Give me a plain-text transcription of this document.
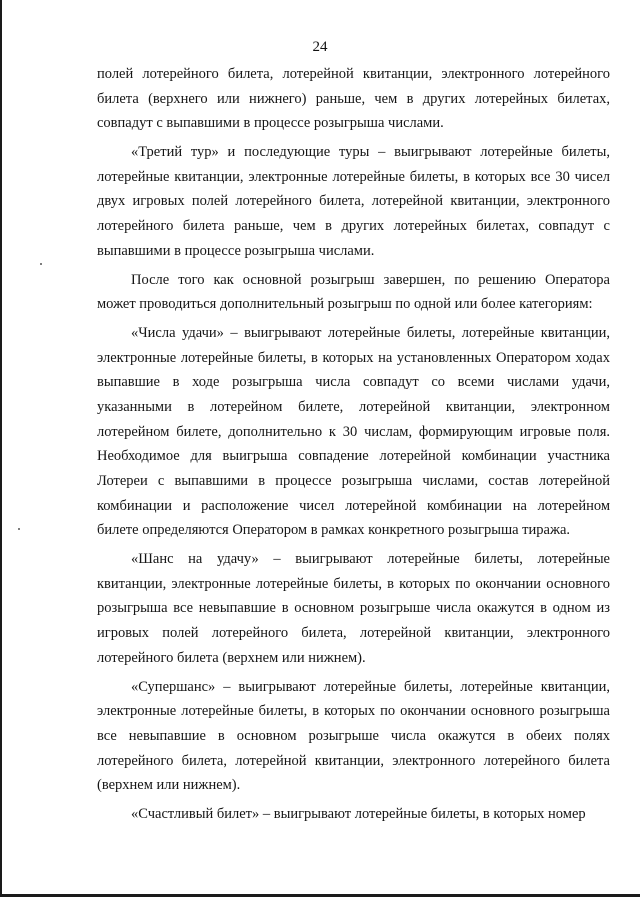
24
полей лотерейного билета, лотерейной квитанции, электронного лотерейного
билета (верхнего или нижнего) раньше, чем в других лотерейных билетах,
совпадут с выпавшими в процессе розыгрыша числами.
«Третий тур» и последующие туры – выигрывают лотерейные билеты,
лотерейные квитанции, электронные лотерейные билеты, в которых все 30 чисел
двух игровых полей лотерейного билета, лотерейной квитанции, электронного
лотерейного билета раньше, чем в других лотерейных билетах, совпадут с
выпавшими в процессе розыгрыша числами.
После того как основной розыгрыш завершен, по решению Оператора
может проводиться дополнительный розыгрыш по одной или более категориям:
«Числа удачи» – выигрывают лотерейные билеты, лотерейные квитанции,
электронные лотерейные билеты, в которых на установленных Оператором ходах
выпавшие в ходе розыгрыша числа совпадут со всеми числами удачи,
указанными в лотерейном билете, лотерейной квитанции, электронном
лотерейном билете, дополнительно к 30 числам, формирующим игровые поля.
Необходимое для выигрыша совпадение лотерейной комбинации участника
Лотереи с выпавшими в процессе розыгрыша числами, состав лотерейной
комбинации и расположение чисел лотерейной комбинации на лотерейном
билете определяются Оператором в рамках конкретного розыгрыша тиража.
«Шанс на удачу» – выигрывают лотерейные билеты, лотерейные
квитанции, электронные лотерейные билеты, в которых по окончании основного
розыгрыша все невыпавшие в основном розыгрыше числа окажутся в одном из
игровых полей лотерейного билета, лотерейной квитанции, электронного
лотерейного билета (верхнем или нижнем).
«Супершанс» – выигрывают лотерейные билеты, лотерейные квитанции,
электронные лотерейные билеты, в которых по окончании основного розыгрыша
все невыпавшие в основном розыгрыше числа окажутся в обеих полях
лотерейного билета, лотерейной квитанции, электронного лотерейного билета
(верхнем или нижнем).
«Счастливый билет» – выигрывают лотерейные билеты, в которых номер
